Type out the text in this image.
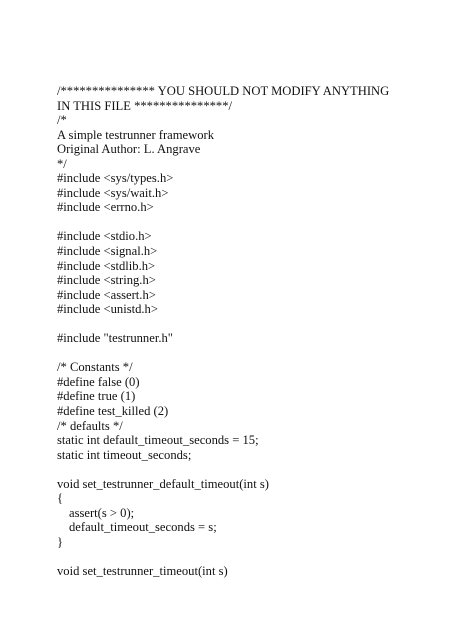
/*************** YOU SHOULD NOT MODIFY ANYTHING
IN THIS FILE ***************/
/*
A simple testrunner framework
Original Author: L. Angrave
*/
#include <sys/types.h>
#include <sys/wait.h>
#include <errno.h>
#include <stdio.h>
#include <signal.h>
#include <stdlib.h>
#include <string.h>
#include <assert.h>
#include <unistd.h>
#include "testrunner.h"
/* Constants */
#define false (0)
#define true (1)
#define test_killed (2)
/* defaults */
static int default_timeout_seconds = 15;
static int timeout_seconds;
void set_testrunner_default_timeout(int s)
{
assert(s > 0);
default_timeout_seconds = s;
}
void set_testrunner_timeout(int s)
